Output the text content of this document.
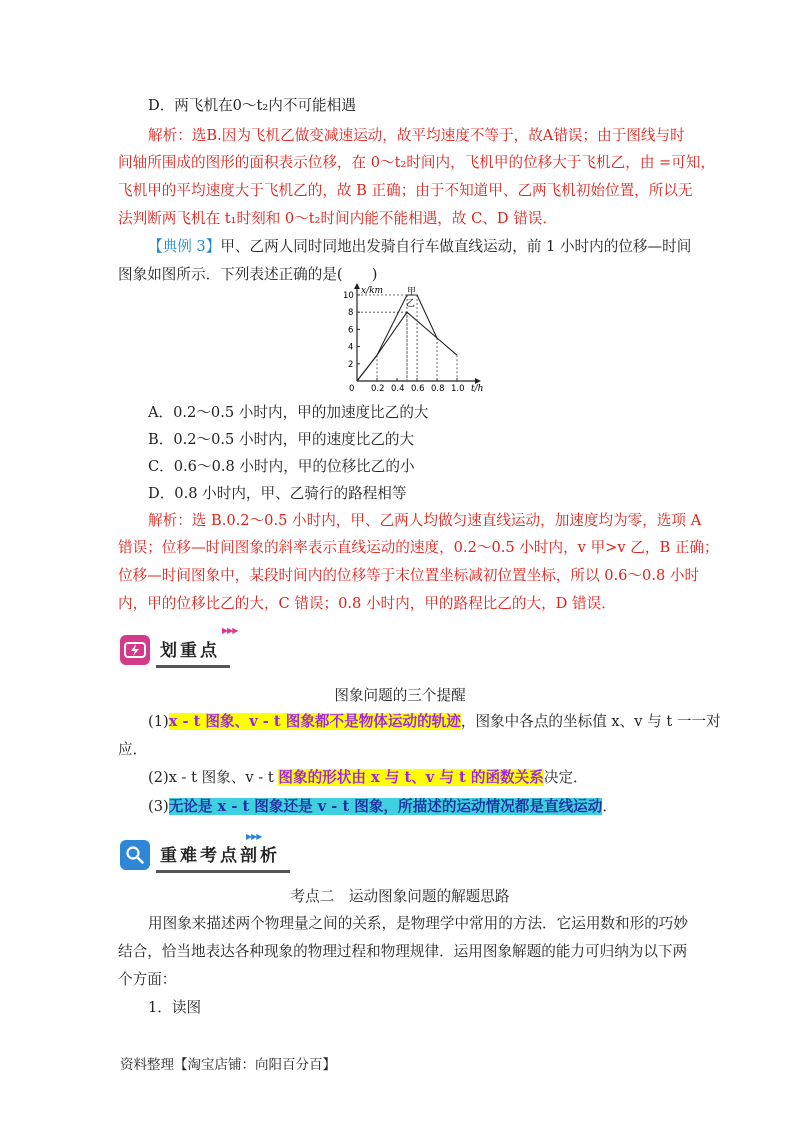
D．两飞机在0～t₂内不可能相遇
解析：选B.因为飞机乙做变减速运动，故平均速度不等于，故A错误；由于图线与时
间轴所围成的图形的面积表示位移，在 0～t₂时间内，飞机甲的位移大于飞机乙，由 =可知，
飞机甲的平均速度大于飞机乙的，故 B 正确；由于不知道甲、乙两飞机初始位置，所以无
法判断两飞机在 t₁时刻和 0～t₂时间内能不能相遇，故 C、D 错误．
【典例 3】甲、乙两人同时同地出发骑自行车做直线运动，前 1 小时内的位移—时间
图象如图所示．下列表述正确的是(　　)
x/km
t/h
0 0.2 0.4 0.6 0.8 1.0
2
4
6
8
10	甲
乙
A．0.2～0.5 小时内，甲的加速度比乙的大
B．0.2～0.5 小时内，甲的速度比乙的大
C．0.6～0.8 小时内，甲的位移比乙的小
D．0.8 小时内，甲、乙骑行的路程相等
解析：选 B.0.2～0.5 小时内，甲、乙两人均做匀速直线运动，加速度均为零，选项 A
错误；位移—时间图象的斜率表示直线运动的速度，0.2～0.5 小时内，v 甲>v 乙，B 正确；
位移—时间图象中，某段时间内的位移等于末位置坐标减初位置坐标，所以 0.6～0.8 小时
内，甲的位移比乙的大，C 错误；0.8 小时内，甲的路程比乙的大，D 错误．
划重点
▶▶▶
图象问题的三个提醒
(1)x - t 图象、v - t 图象都不是物体运动的轨迹，图象中各点的坐标值 x、v 与 t 一一对
应．
(2)x - t 图象、v - t 图象的形状由 x 与 t、v 与 t 的函数关系决定．
(3)无论是 x - t 图象还是 v - t 图象，所描述的运动情况都是直线运动．
重难考点剖析
▶▶▶
考点二　运动图象问题的解题思路
用图象来描述两个物理量之间的关系，是物理学中常用的方法．它运用数和形的巧妙
结合，恰当地表达各种现象的物理过程和物理规律．运用图象解题的能力可归纳为以下两
个方面：
1．读图
资料整理【淘宝店铺：向阳百分百】
